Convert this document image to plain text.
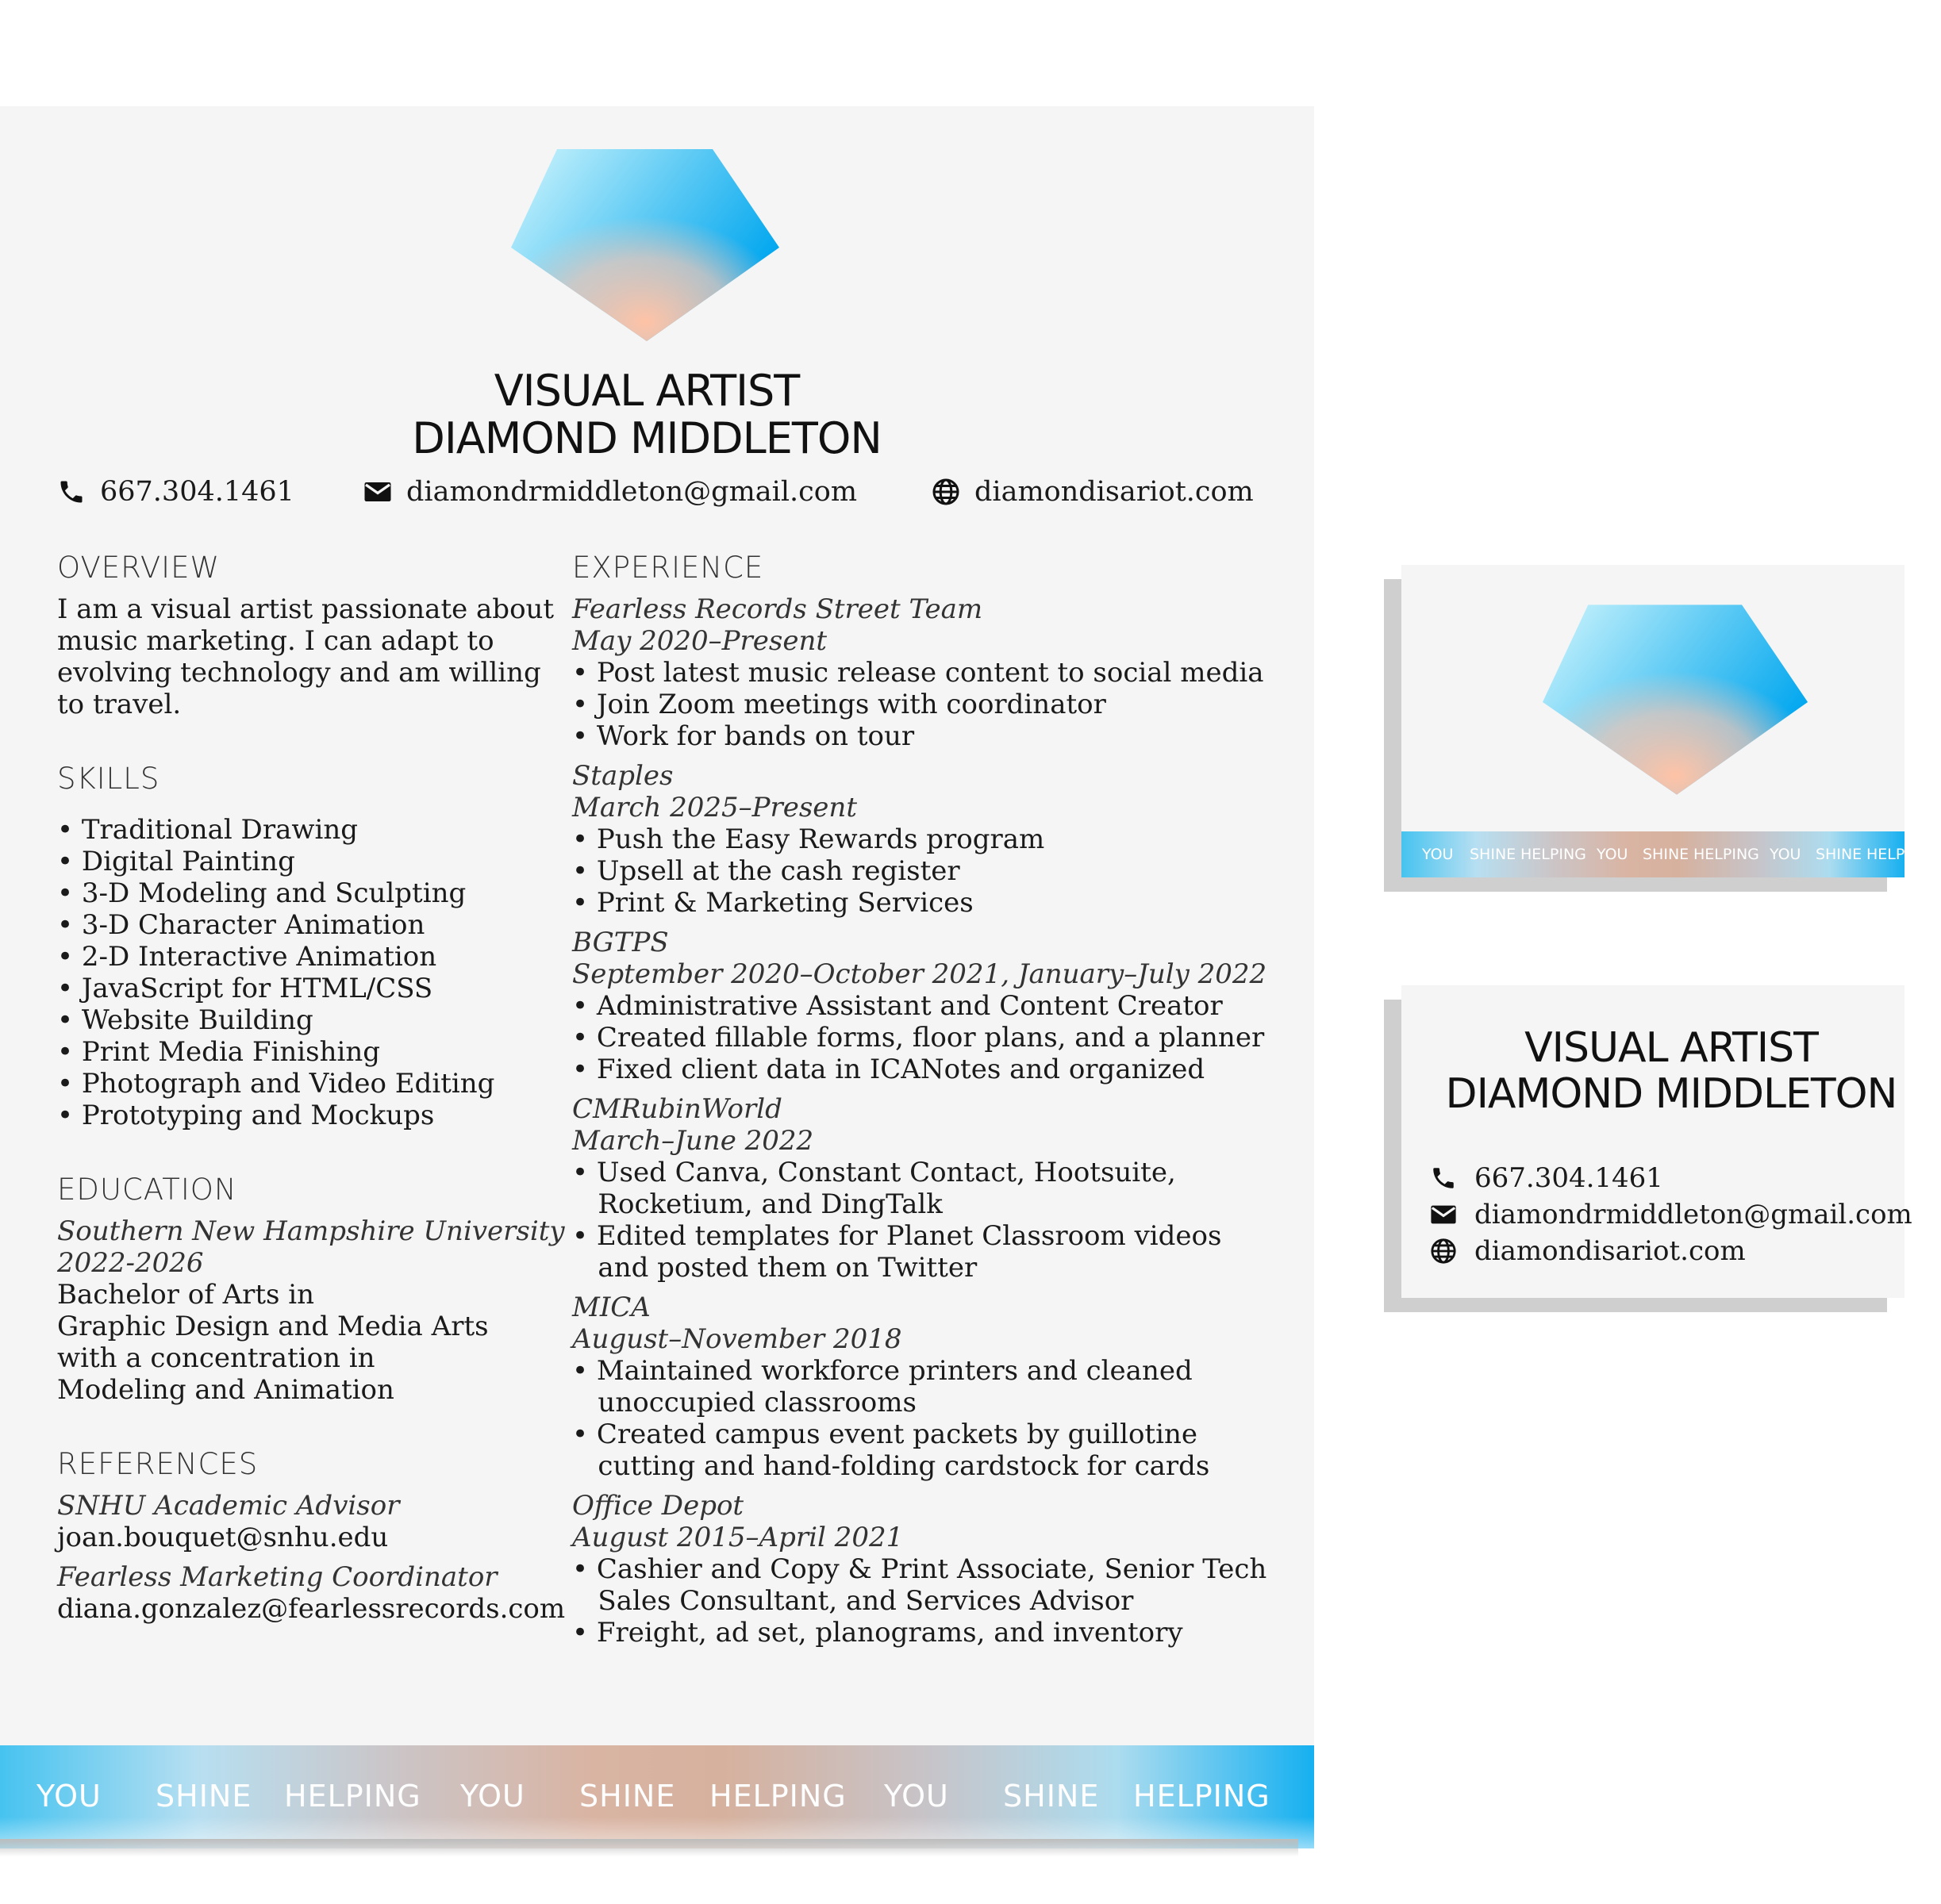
VISUAL ARTIST
DIAMOND MIDDLETON
667.304.1461	diamondrmiddleton@gmail.com	diamondisariot.com
OVERVIEW
I am a visual artist passionate about
music marketing. I can adapt to
evolving technology and am willing
to travel.
SKILLS
• Traditional Drawing
• Digital Painting
• 3-D Modeling and Sculpting
• 3-D Character Animation
• 2-D Interactive Animation
• JavaScript for HTML/CSS
• Website Building
• Print Media Finishing
• Photograph and Video Editing
• Prototyping and Mockups
EDUCATION
Southern New Hampshire University
2022-2026
Bachelor of Arts in
Graphic Design and Media Arts
with a concentration in
Modeling and Animation
REFERENCES
SNHU Academic Advisor
joan.bouquet@snhu.edu
Fearless Marketing Coordinator
diana.gonzalez@fearlessrecords.com
EXPERIENCE
Fearless Records Street Team
May 2020–Present
• Post latest music release content to social media
• Join Zoom meetings with coordinator
• Work for bands on tour
Staples
March 2025–Present
• Push the Easy Rewards program
• Upsell at the cash register
• Print & Marketing Services
BGTPS
September 2020–October 2021, January–July 2022
• Administrative Assistant and Content Creator
• Created fillable forms, floor plans, and a planner
• Fixed client data in ICANotes and organized
CMRubinWorld
March–June 2022
• Used Canva, Constant Contact, Hootsuite,
Rocketium, and DingTalk
• Edited templates for Planet Classroom videos
and posted them on Twitter
MICA
August–November 2018
• Maintained workforce printers and cleaned
unoccupied classrooms
• Created campus event packets by guillotine
cutting and hand-folding cardstock for cards
Office Depot
August 2015–April 2021
• Cashier and Copy & Print Associate, Senior Tech
Sales Consultant, and Services Advisor
• Freight, ad set, planograms, and inventory
YOU SHINE HELPING YOU SHINE HELPING YOU SHINE HELPING
YOU SHINE HELPING YOU SHINE HELPING YOU SHINE HELPI
VISUAL ARTIST
DIAMOND MIDDLETON
667.304.1461
diamondrmiddleton@gmail.com
diamondisariot.com
